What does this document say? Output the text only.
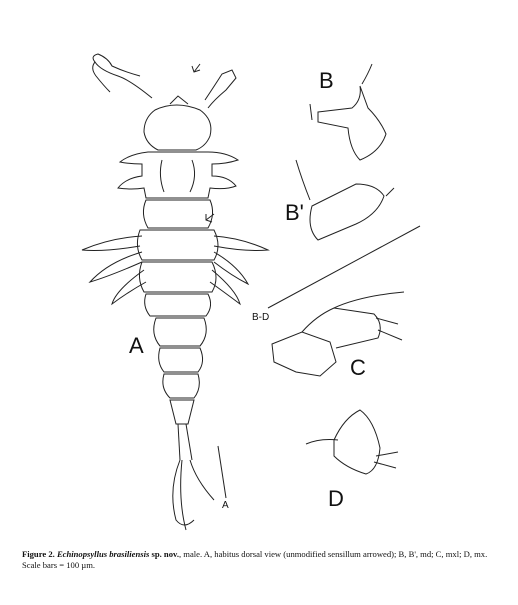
B
B'
A
C
D
B-D
A
Figure 2. Echinopsyllus brasiliensis sp. nov., male. A, habitus dorsal view (unmodified sensillum arrowed); B, B', md; C, mxl; D, mx. Scale bars = 100 µm.
